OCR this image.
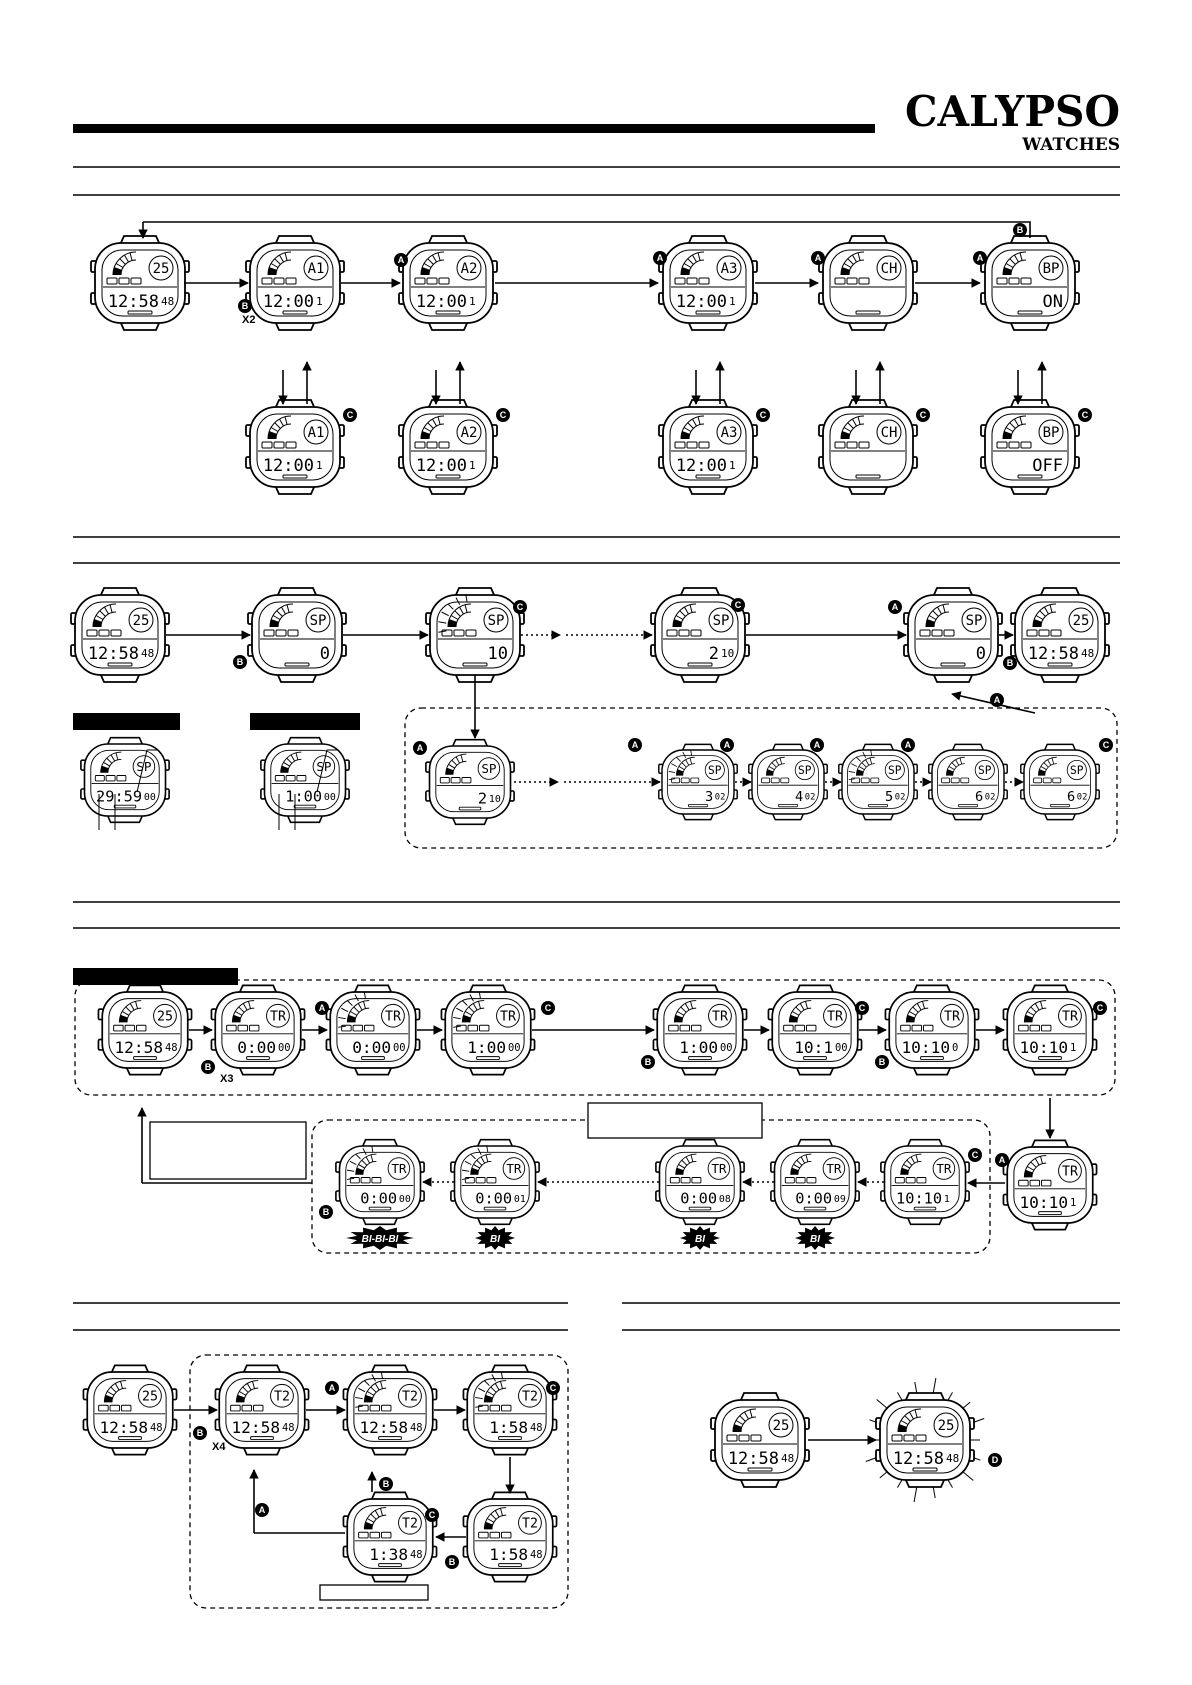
CALYPSO
WATCHES
25
12:58 48
A1
12:00 1
A2
12:00 1
A3
12:00 1
CH	BP
ON
A1
12:00 1
A2
12:00 1
A3
12:00 1
CH	BP
OFF
B
B
X2
A	A	A	A
C	C	C	C	C
25
12:58 48
SP
0
SP
10
SP
2 10
SP
0
25
12:58 48
B
C	C	A
B
SP
29:59 00
SP
1:00 00
SP
2 10
SP
3 02
SP
4 02
SP
5 02
SP
6 02
SP
6 02
A	A	A	A	A	C
A
25
12:58 48
TR
0:00 00
TR
0:00 00
TR
1:00 00
TR
1:00 00
TR
10:1 00
TR
10:10 0
TR
10:10 1
B
X3
A	C
B
C
B
C
TR
10:10 1
TR
10:10 1
TR
0:00 09
TR
0:00 08
TR
0:00 01
TR
0:00 00
A
C
B
BI-BI-BI	BI	BI	BI
25
12:58 48
T2
12:58 48
T2
12:58 48
T2
1:58 48
T2
1:58 48
T2
1:38 48
B
X4
A	C
C
B
B
A
25
12:58 48
25
12:58 48	D
